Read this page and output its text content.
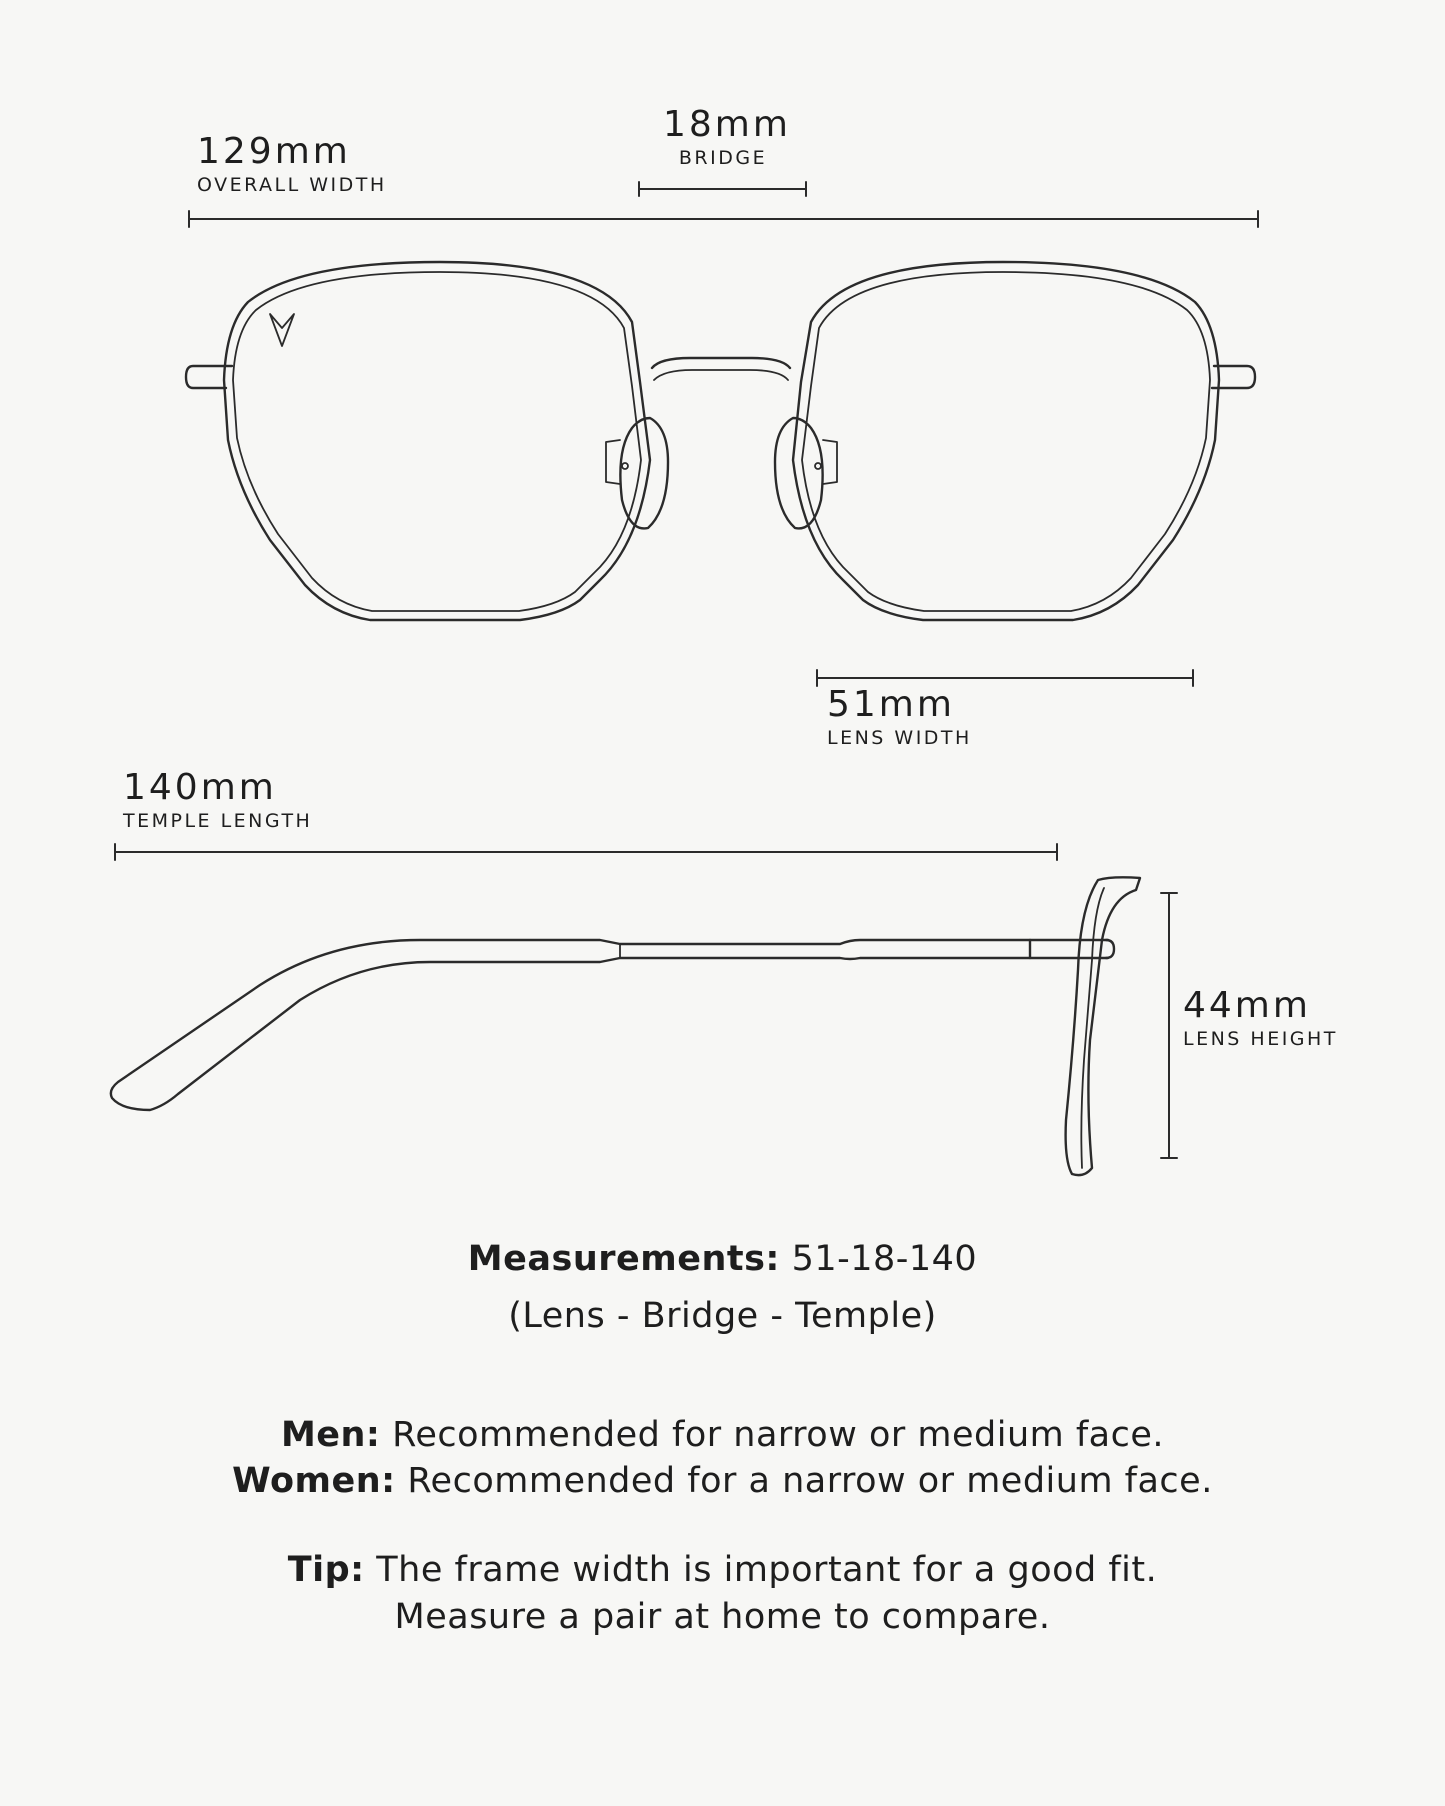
129mm
OVERALL WIDTH
18mm
BRIDGE
51mm
LENS WIDTH
140mm
TEMPLE LENGTH
44mm
LENS HEIGHT
Measurements: 51-18-140
(Lens - Bridge - Temple)
Men: Recommended for narrow or medium face.
Women: Recommended for a narrow or medium face.
Tip: The frame width is important for a good fit.
Measure a pair at home to compare.
